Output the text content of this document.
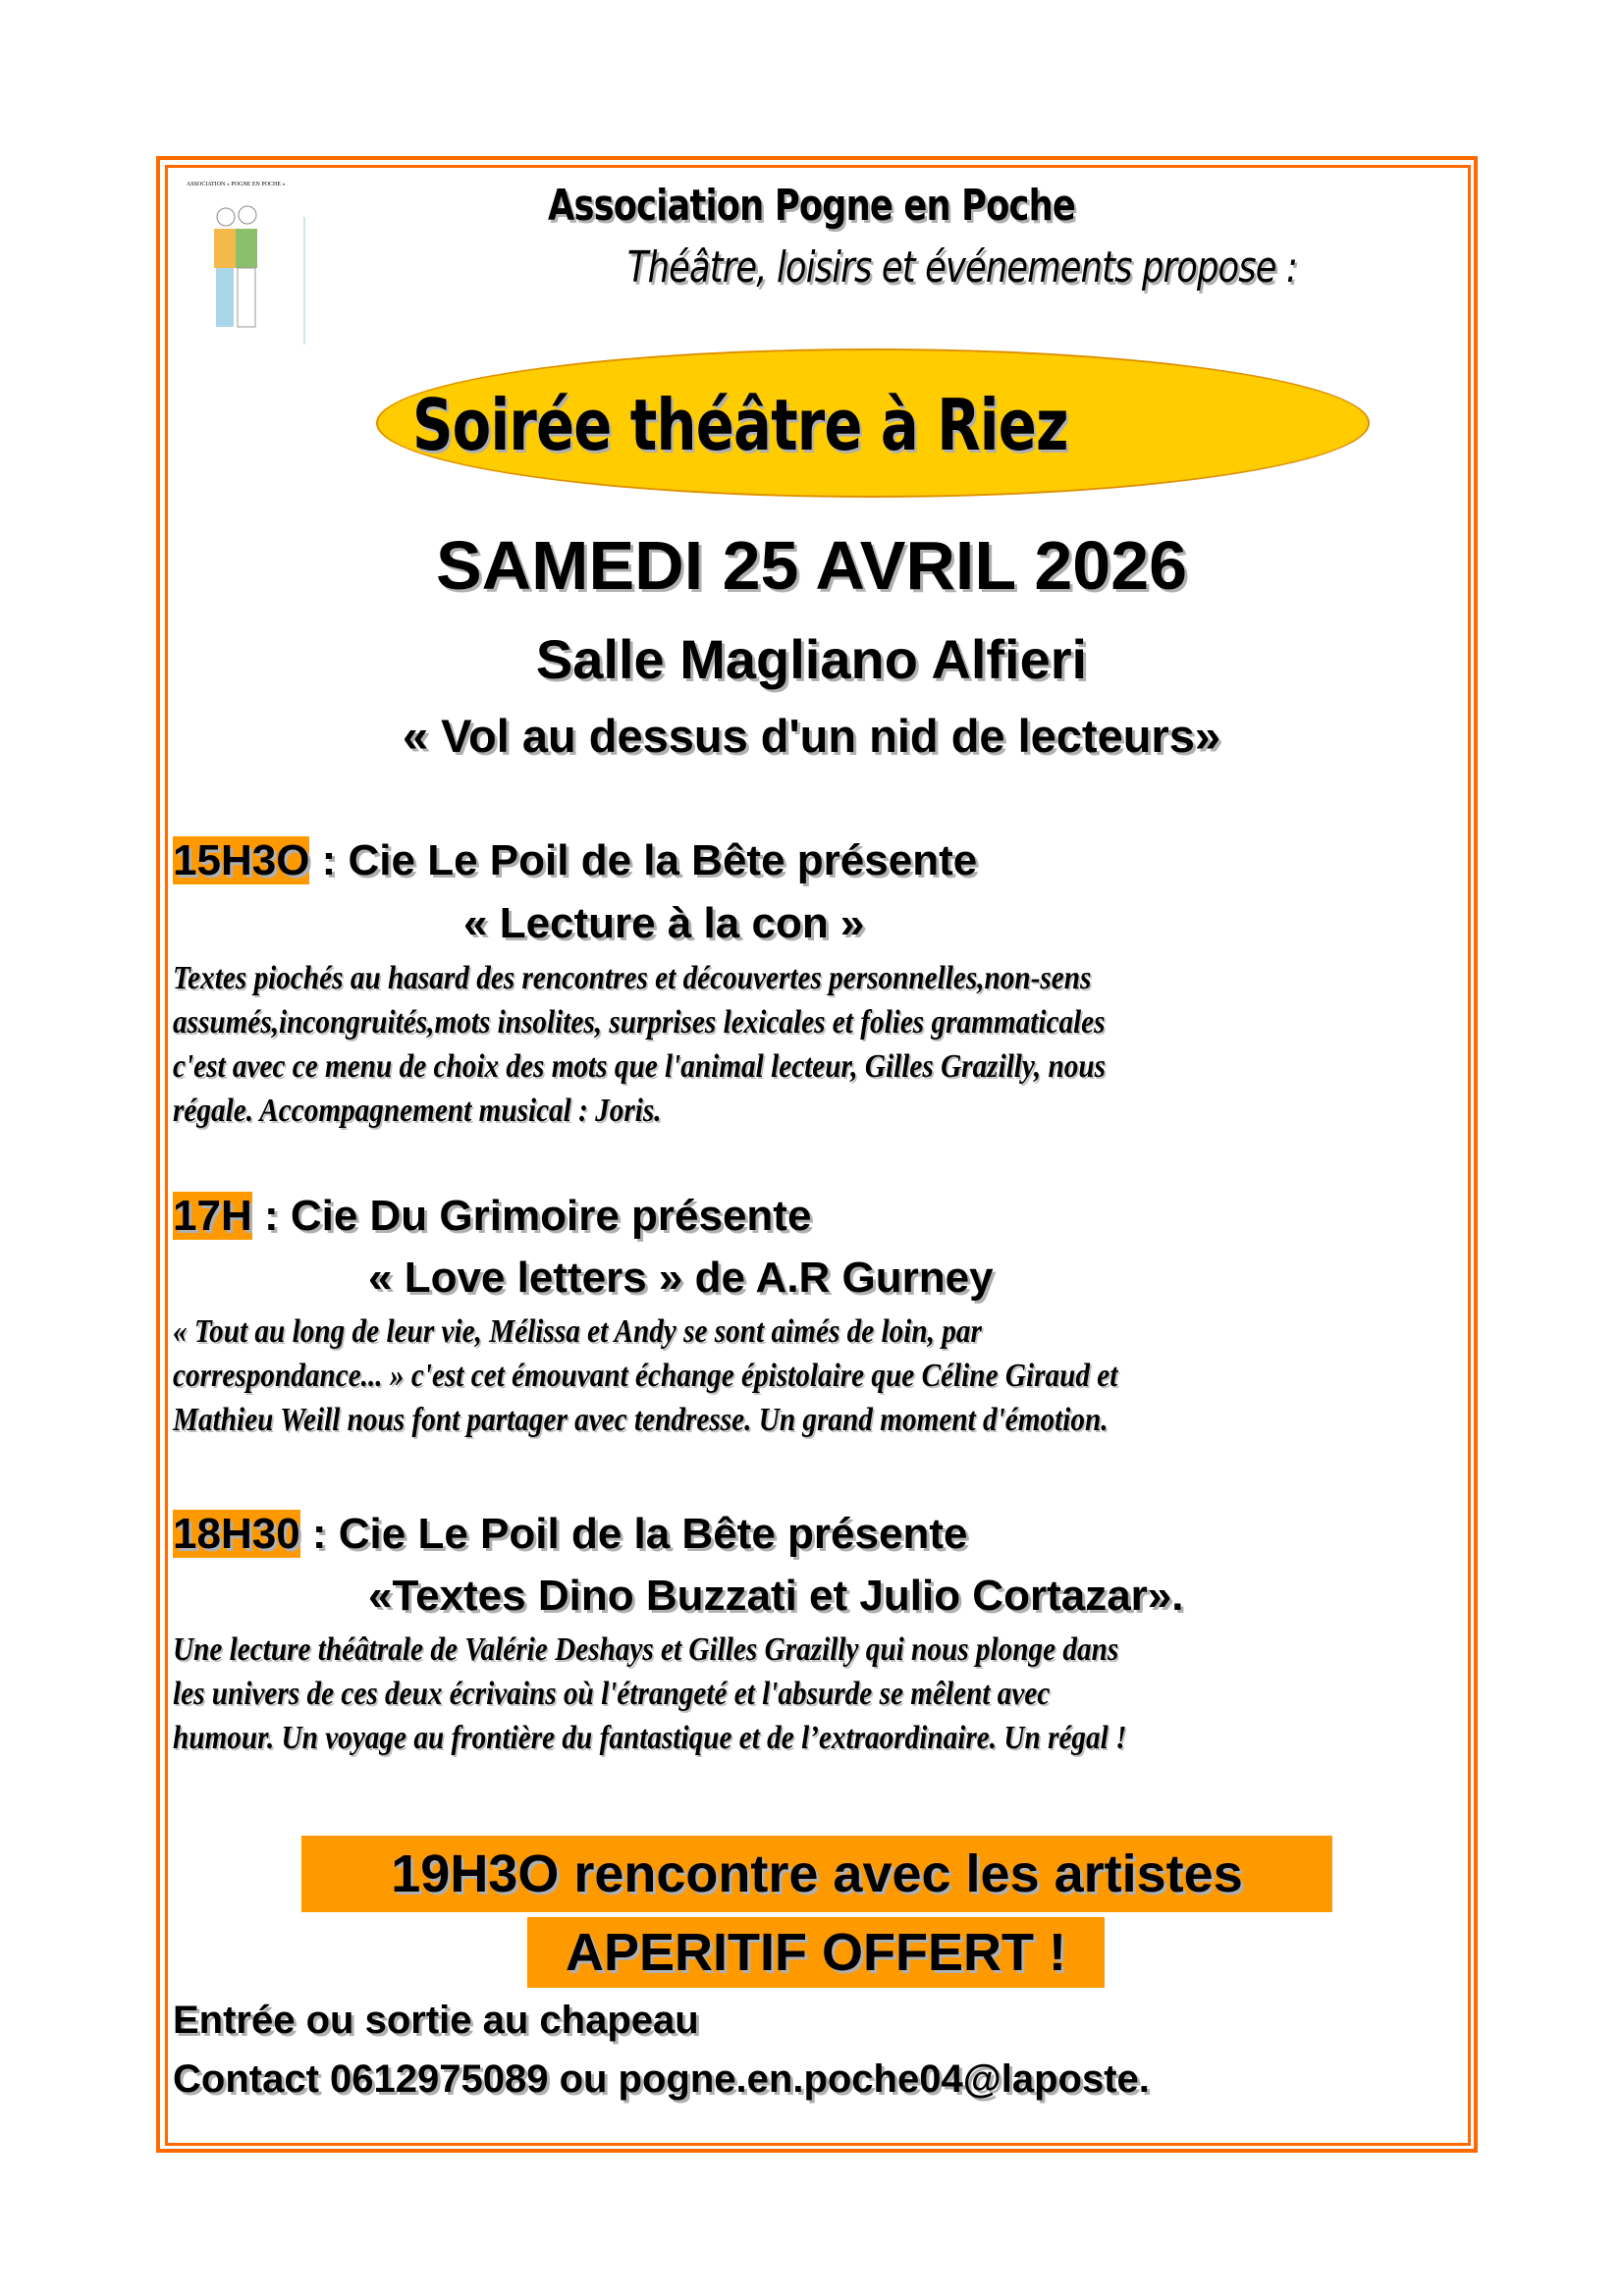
ASSOCIATION « POGNE EN POCHE »	Association Pogne en Poche
Théâtre, loisirs et événements propose :
Soirée théâtre à Riez
SAMEDI 25 AVRIL 2026
Salle Magliano Alfieri
« Vol au dessus d'un nid de lecteurs»
15H3O : Cie Le Poil de la Bête présente
« Lecture à la con »
Textes piochés au hasard des rencontres et découvertes personnelles,non-sens
assumés,incongruités,mots insolites, surprises lexicales et folies grammaticales
c'est avec ce menu de choix des mots que l'animal lecteur, Gilles Grazilly, nous
régale. Accompagnement musical : Joris.
17H : Cie Du Grimoire présente
« Love letters » de A.R Gurney
« Tout au long de leur vie, Mélissa et Andy se sont aimés de loin, par
correspondance... » c'est cet émouvant échange épistolaire que Céline Giraud et
Mathieu Weill nous font partager avec tendresse. Un grand moment d'émotion.
18H30 : Cie Le Poil de la Bête présente
«Textes Dino Buzzati et Julio Cortazar».
Une lecture théâtrale de Valérie Deshays et Gilles Grazilly qui nous plonge dans
les univers de ces deux écrivains où l'étrangeté et l'absurde se mêlent avec
humour. Un voyage au frontière du fantastique et de l’extraordinaire. Un régal !
19H3O rencontre avec les artistes
APERITIF OFFERT !
Entrée ou sortie au chapeau
Contact 0612975089 ou pogne.en.poche04@laposte.
